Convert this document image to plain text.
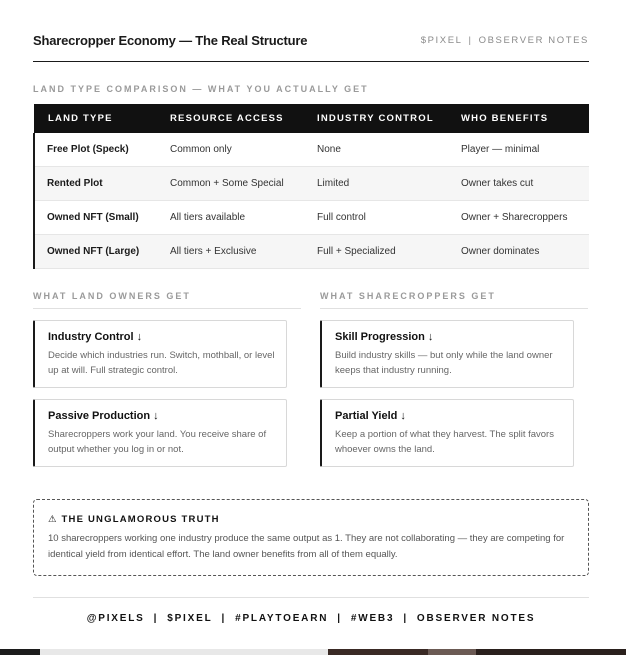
Sharecropper Economy — The Real Structure	$PIXEL | OBSERVER NOTES
LAND TYPE COMPARISON — WHAT YOU ACTUALLY GET
LAND TYPE	RESOURCE ACCESS	INDUSTRY CONTROL	WHO BENEFITS
Free Plot (Speck)	Common only	None	Player — minimal
Rented Plot	Common + Some Special	Limited	Owner takes cut
Owned NFT (Small)	All tiers available	Full control	Owner + Sharecroppers
Owned NFT (Large)	All tiers + Exclusive	Full + Specialized	Owner dominates
WHAT LAND OWNERS GET	WHAT SHARECROPPERS GET
Industry Control ↓
Decide which industries run. Switch, mothball, or level up at will. Full strategic control.
Passive Production ↓
Sharecroppers work your land. You receive share of output whether you log in or not.
Skill Progression ↓
Build industry skills — but only while the land owner keeps that industry running.
Partial Yield ↓
Keep a portion of what they harvest. The split favors whoever owns the land.
⚠ THE UNGLAMOROUS TRUTH
10 sharecroppers working one industry produce the same output as 1. They are not collaborating — they are competing for identical yield from identical effort. The land owner benefits from all of them equally.
@PIXELS | $PIXEL | #PLAYTOEARN | #WEB3 | OBSERVER NOTES
